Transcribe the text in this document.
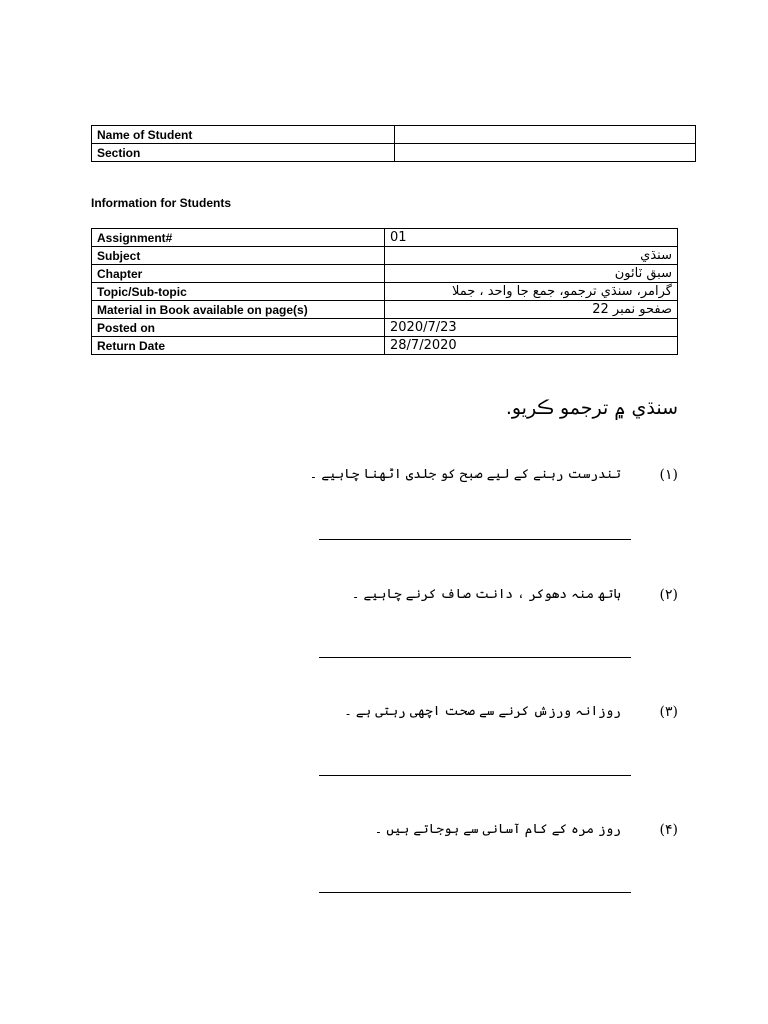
Name of Student	
Section	
Information for Students
Assignment#	01
Subject	سنڌي
Chapter	سبق ٽائون
Topic/Sub-topic	گرامر، سنڌي ترجمو، جمع جا واحد ، جملا
Material in Book available on page(s)	صفحو نمبر 22
Posted on	2020/7/23
Return Date	28/7/2020
سنڌي ۾ ترجمو ڪريو.
(۱)
تندرست رہنے کے لیے صبح کو جلدی اٹھنا چاہیے ۔
(۲)
ہاتھ منہ دھوکر ، دانت صاف کرنے چاہیے ۔
(۳)
روزانہ ورزش کرنے سے صحت اچھی رہتی ہے ۔
(۴)
روز مرہ کے کام آسانی سے ہوجاتے ہیں ۔
